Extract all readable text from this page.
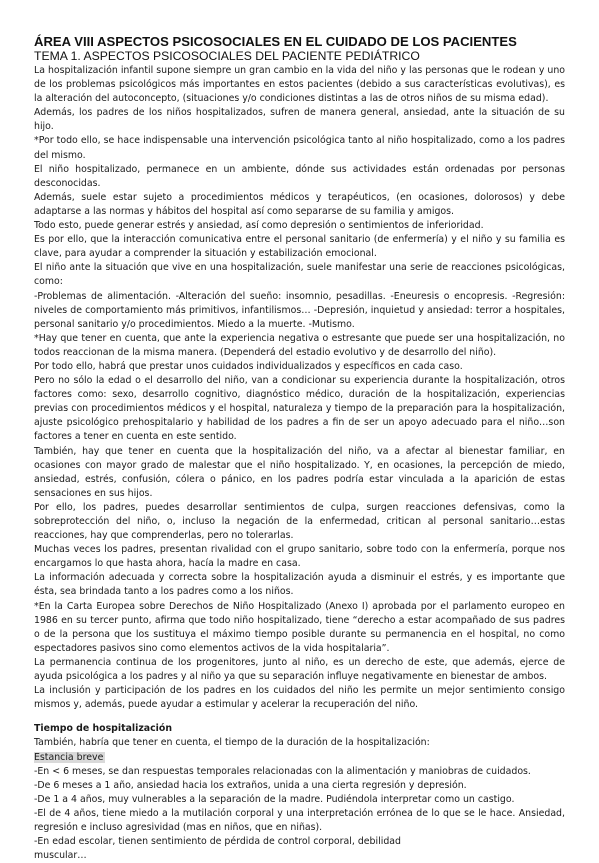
ÁREA VIII ASPECTOS PSICOSOCIALES EN EL CUIDADO DE LOS PACIENTES
TEMA 1. ASPECTOS PSICOSOCIALES DEL PACIENTE PEDIÁTRICO

La hospitalización infantil supone siempre un gran cambio en la vida del niño y las personas que le rodean y uno de los problemas psicológicos más importantes en estos pacientes (debido a sus características evolutivas), es la alteración del autoconcepto, (situaciones y/o condiciones distintas a las de otros niños de su misma edad).

Además, los padres de los niños hospitalizados, sufren de manera general, ansiedad, ante la situación de su hijo.

*Por todo ello, se hace indispensable una intervención psicológica tanto al niño hospitalizado, como a los padres del mismo.

El niño hospitalizado, permanece en un ambiente, dónde sus actividades están ordenadas por personas desconocidas.

Además, suele estar sujeto a procedimientos médicos y terapéuticos, (en ocasiones, dolorosos) y debe adaptarse a las normas y hábitos del hospital así como separarse de su familia y amigos.

Todo esto, puede generar estrés y ansiedad, así como depresión o sentimientos de inferioridad.

Es por ello, que la interacción comunicativa entre el personal sanitario (de enfermería) y el niño y su familia es clave, para ayudar a comprender la situación y estabilización emocional.

El niño ante la situación que vive en una hospitalización, suele manifestar una serie de reacciones psicológicas, como:

-Problemas de alimentación. -Alteración del sueño: insomnio, pesadillas. -Eneuresis o encopresis. -Regresión: niveles de comportamiento más primitivos, infantilismos… -Depresión, inquietud y ansiedad: terror a hospitales, personal sanitario y/o procedimientos. Miedo a la muerte. -Mutismo.

*Hay que tener en cuenta, que ante la experiencia negativa o estresante que puede ser una hospitalización, no todos reaccionan de la misma manera. (Dependerá del estadio evolutivo y de desarrollo del niño).

Por todo ello, habrá que prestar unos cuidados individualizados y específicos en cada caso.

Pero no sólo la edad o el desarrollo del niño, van a condicionar su experiencia durante la hospitalización, otros factores como: sexo, desarrollo cognitivo, diagnóstico médico, duración de la hospitalización, experiencias previas con procedimientos médicos y el hospital, naturaleza y tiempo de la preparación para la hospitalización, ajuste psicológico prehospitalario y habilidad de los padres a fin de ser un apoyo adecuado para el niño…son factores a tener en cuenta en este sentido.

También, hay que tener en cuenta que la hospitalización del niño, va a afectar al bienestar familiar, en ocasiones con mayor grado de malestar que el niño hospitalizado. Y, en ocasiones, la percepción de miedo, ansiedad, estrés, confusión, cólera o pánico, en los padres podría estar vinculada a la aparición de estas sensaciones en sus hijos.

Por ello, los padres, puedes desarrollar sentimientos de culpa, surgen reacciones defensivas, como la sobreprotección del niño, o, incluso la negación de la enfermedad, critican al personal sanitario…estas reacciones, hay que comprenderlas, pero no tolerarlas.

Muchas veces los padres, presentan rivalidad con el grupo sanitario, sobre todo con la enfermería, porque nos encargamos lo que hasta ahora, hacía la madre en casa.

La información adecuada y correcta sobre la hospitalización ayuda a disminuir el estrés, y es importante que ésta, sea brindada tanto a los padres como a los niños.

*En la Carta Europea sobre Derechos de Niño Hospitalizado (Anexo I) aprobada por el parlamento europeo en 1986 en su tercer punto, afirma que todo niño hospitalizado, tiene “derecho a estar acompañado de sus padres o de la persona que los sustituya el máximo tiempo posible durante su permanencia en el hospital, no como espectadores pasivos sino como elementos activos de la vida hospitalaria”.

La permanencia continua de los progenitores, junto al niño, es un derecho de este, que además, ejerce de ayuda psicológica a los padres y al niño ya que su separación influye negativamente en bienestar de ambos.

La inclusión y participación de los padres en los cuidados del niño les permite un mejor sentimiento consigo mismos y, además, puede ayudar a estimular y acelerar la recuperación del niño.

Tiempo de hospitalización

También, habría que tener en cuenta, el tiempo de la duración de la hospitalización:

Estancia breve

-En < 6 meses, se dan respuestas temporales relacionadas con la alimentación y maniobras de cuidados.

-De 6 meses a 1 año, ansiedad hacia los extraños, unida a una cierta regresión y depresión.

-De 1 a 4 años, muy vulnerables a la separación de la madre. Pudiéndola interpretar como un castigo.

-El de 4 años, tiene miedo a la mutilación corporal y una interpretación errónea de lo que se le hace. Ansiedad, regresión e incluso agresividad (mas en niños, que en niñas).

-En edad escolar, tienen sentimiento de pérdida de control corporal, debilidad

muscular…
